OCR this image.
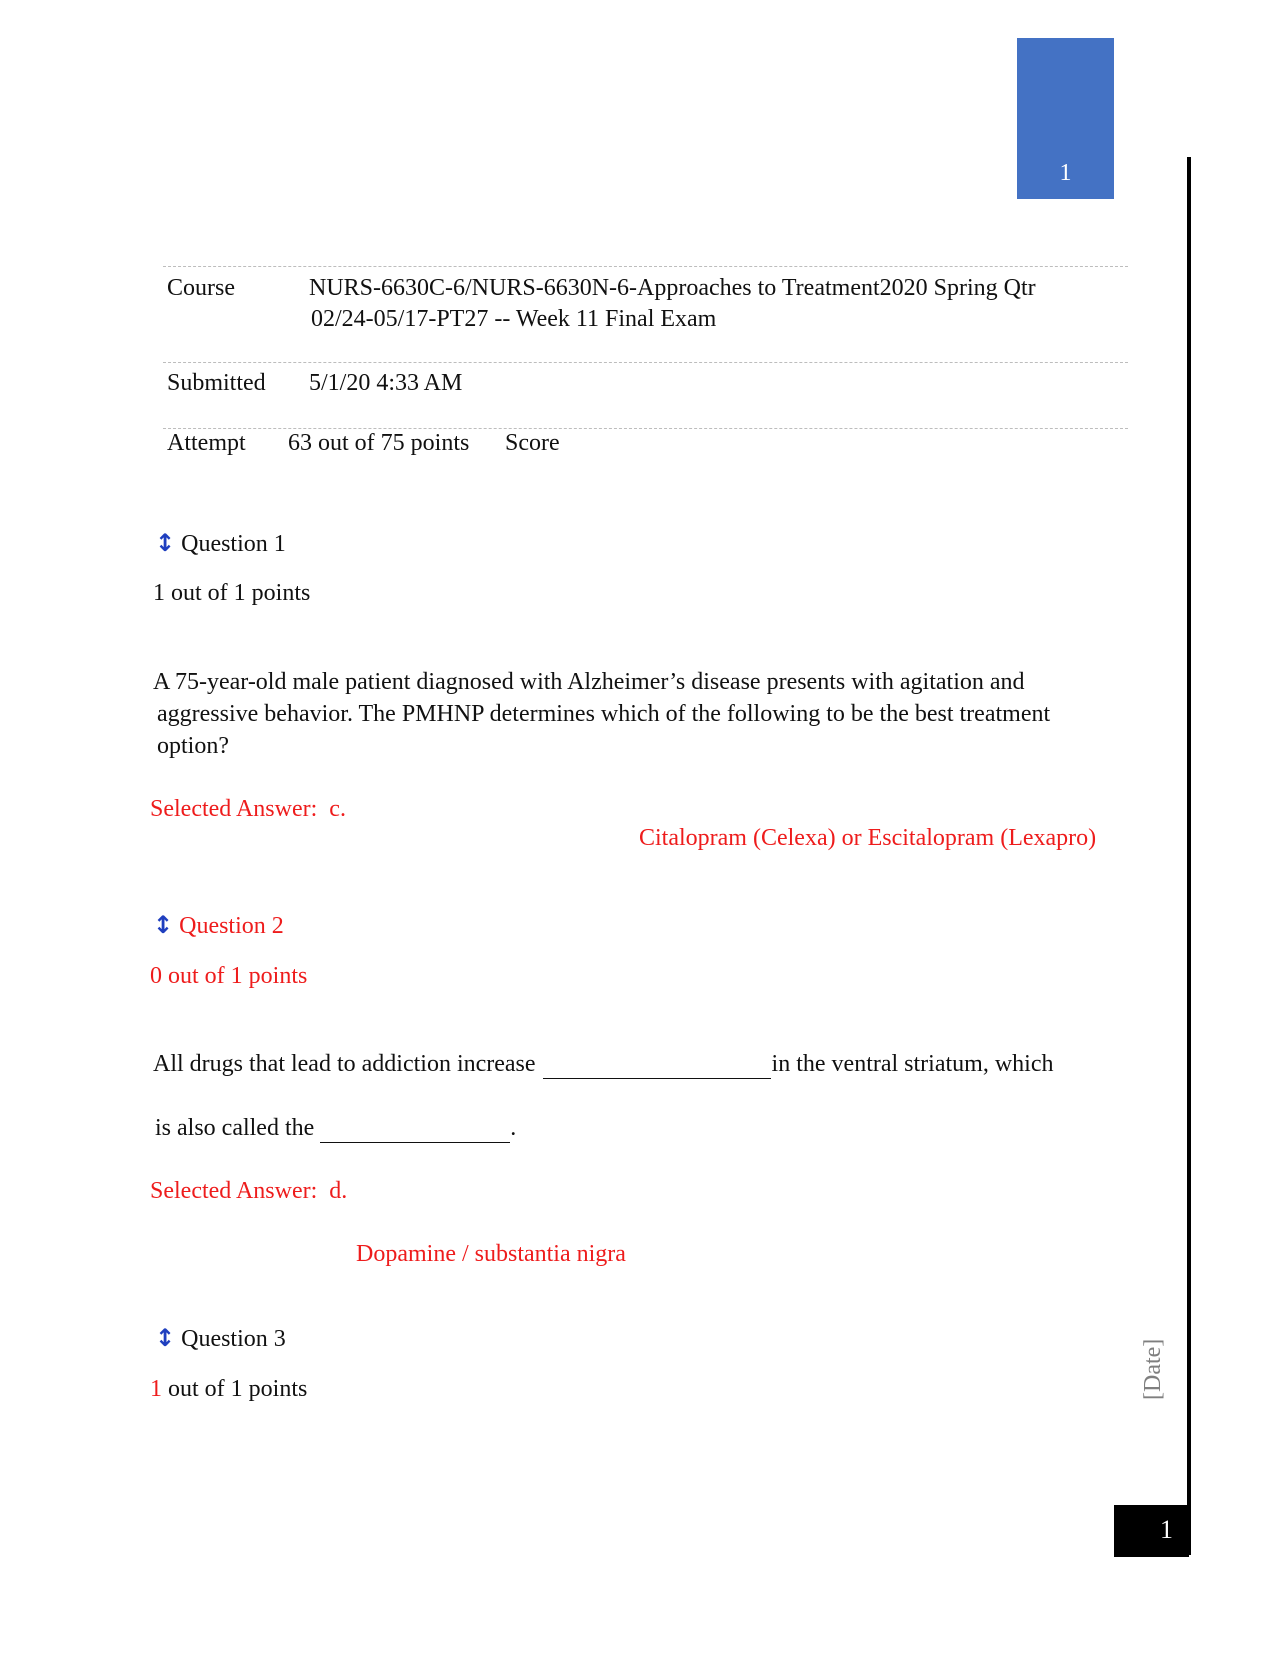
1
[Date]
1
Course	NURS-6630C-6/NURS-6630N-6-Approaches to Treatment2020 Spring Qtr
02/24-05/17-PT27 -- Week 11 Final Exam
Submitted 5/1/20 4:33 AM
Attempt 63 out of 75 points Score
↕ Question 1
1 out of 1 points
A 75-year-old male patient diagnosed with Alzheimer’s disease presents with agitation and
aggressive behavior. The PMHNP determines which of the following to be the best treatment
option?
Selected Answer: c.
Citalopram (Celexa) or Escitalopram (Lexapro)
↕ Question 2
0 out of 1 points
All drugs that lead to addiction increase	in the ventral striatum, which
is also called the	.
Selected Answer: d.
Dopamine / substantia nigra
↕ Question 3
1 out of 1 points
